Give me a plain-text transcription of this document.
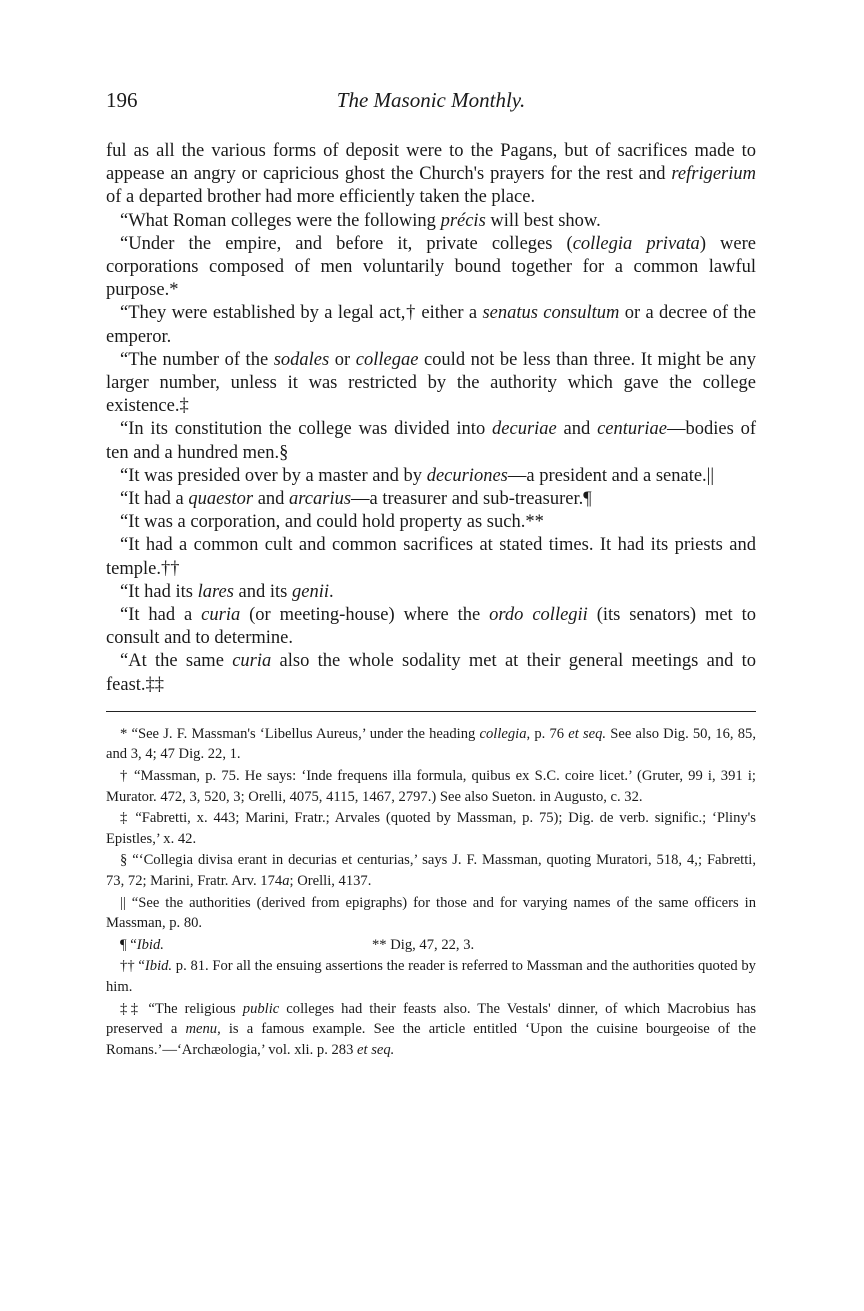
196	The Masonic Monthly.

ful as all the various forms of deposit were to the Pagans, but of sacrifices made to appease an angry or capricious ghost the Church's prayers for the rest and refrigerium of a departed brother had more efficiently taken the place.

“What Roman colleges were the following précis will best show.

“Under the empire, and before it, private colleges (collegia privata) were corporations composed of men voluntarily bound together for a common lawful purpose.*

“They were established by a legal act,† either a senatus consultum or a decree of the emperor.

“The number of the sodales or collegae could not be less than three. It might be any larger number, unless it was restricted by the authority which gave the college existence.‡

“In its constitution the college was divided into decuriae and centuriae—bodies of ten and a hundred men.§

“It was presided over by a master and by decuriones—a president and a senate.||

“It had a quaestor and arcarius—a treasurer and sub-treasurer.¶

“It was a corporation, and could hold property as such.**

“It had a common cult and common sacrifices at stated times. It had its priests and temple.††

“It had its lares and its genii.

“It had a curia (or meeting-house) where the ordo collegii (its senators) met to consult and to determine.

“At the same curia also the whole sodality met at their general meetings and to feast.‡‡

* “See J. F. Massman's ‘Libellus Aureus,’ under the heading collegia, p. 76 et seq. See also Dig. 50, 16, 85, and 3, 4; 47 Dig. 22, 1.

† “Massman, p. 75. He says: ‘Inde frequens illa formula, quibus ex S.C. coire licet.’ (Gruter, 99 i, 391 i; Murator. 472, 3, 520, 3; Orelli, 4075, 4115, 1467, 2797.) See also Sueton. in Augusto, c. 32.

‡ “Fabretti, x. 443; Marini, Fratr.; Arvales (quoted by Massman, p. 75); Dig. de verb. signific.; ‘Pliny's Epistles,’ x. 42.

§ “‘Collegia divisa erant in decurias et centurias,’ says J. F. Massman, quoting Muratori, 518, 4,; Fabretti, 73, 72; Marini, Fratr. Arv. 174a; Orelli, 4137.

|| “See the authorities (derived from epigraphs) for those and for varying names of the same officers in Massman, p. 80.

¶ “Ibid.	** Dig, 47, 22, 3.

†† “Ibid. p. 81. For all the ensuing assertions the reader is referred to Massman and the authorities quoted by him.

‡‡ “The religious public colleges had their feasts also. The Vestals' dinner, of which Macrobius has preserved a menu, is a famous example. See the article entitled ‘Upon the cuisine bourgeoise of the Romans.’—‘Archæologia,’ vol. xli. p. 283 et seq.
